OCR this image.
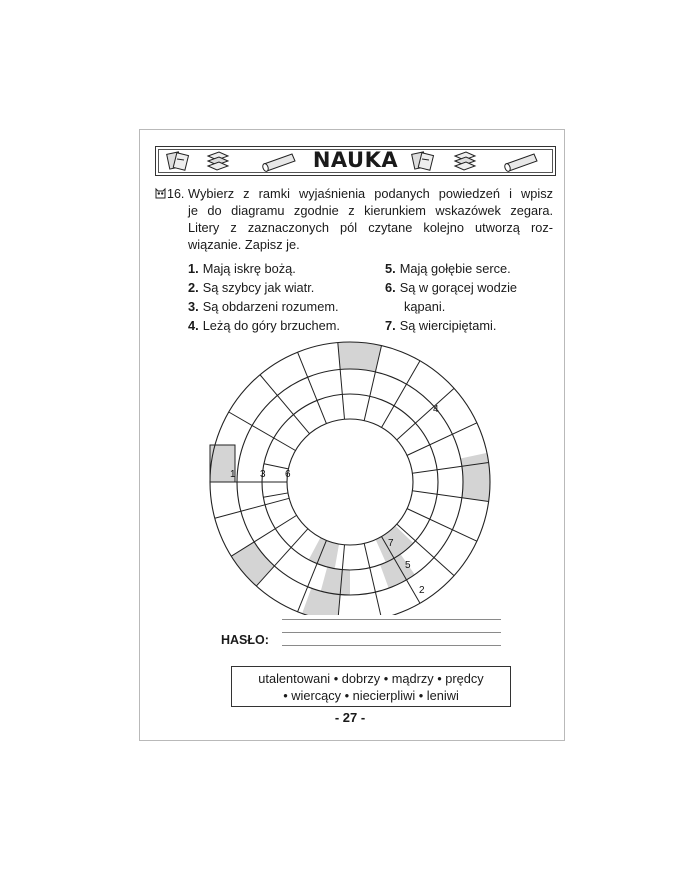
NAUKA
16. Wybierz z ramki wyjaśnienia podanych powiedzeń i wpisz
je do diagramu zgodnie z kierunkiem wskazówek zegara.
Litery z zaznaczonych pól czytane kolejno utworzą roz-
wiązanie. Zapisz je.
1. Mają iskrę bożą.
2. Są szybcy jak wiatr.
3. Są obdarzeni rozumem.
4. Leżą do góry brzuchem.
5. Mają gołębie serce.
6. Są w gorącej wodzie
kąpani.
7. Są wiercipiętami.
1 3 6
4
7
5
2
HASŁO:
utalentowani • dobrzy • mądrzy • prędcy
• wiercący • niecierpliwi • leniwi
- 27 -
